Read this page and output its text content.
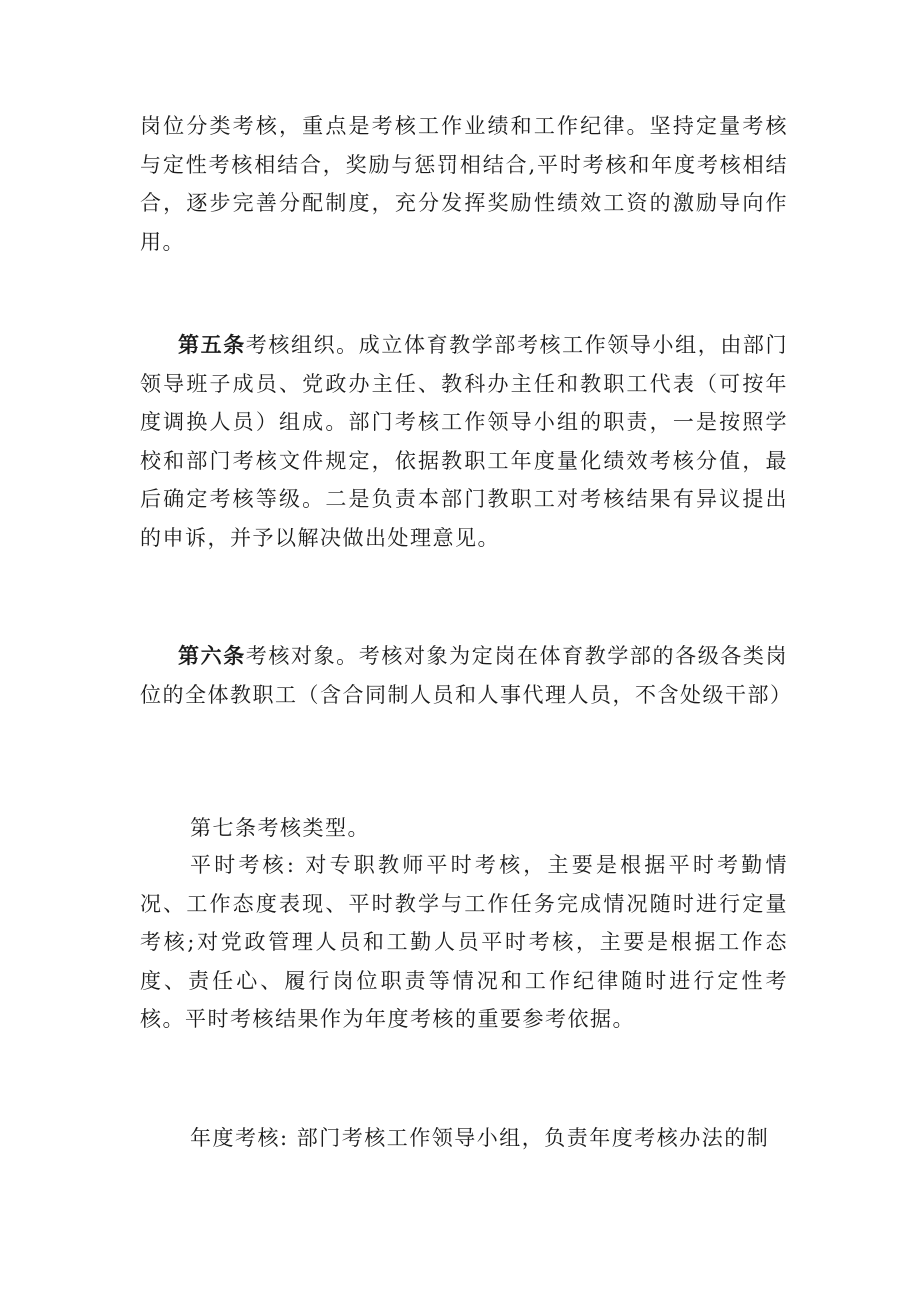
岗位分类考核，重点是考核工作业绩和工作纪律。坚持定量考核与定性考核相结合，奖励与惩罚相结合,平时考核和年度考核相结合，逐步完善分配制度，充分发挥奖励性绩效工资的激励导向作用。

第五条考核组织。成立体育教学部考核工作领导小组，由部门领导班子成员、党政办主任、教科办主任和教职工代表（可按年度调换人员）组成。部门考核工作领导小组的职责，一是按照学校和部门考核文件规定，依据教职工年度量化绩效考核分值，最后确定考核等级。二是负责本部门教职工对考核结果有异议提出的申诉，并予以解决做出处理意见。

第六条考核对象。考核对象为定岗在体育教学部的各级各类岗位的全体教职工（含合同制人员和人事代理人员，不含处级干部）

第七条考核类型。

平时考核: 对专职教师平时考核，主要是根据平时考勤情况、工作态度表现、平时教学与工作任务完成情况随时进行定量考核;对党政管理人员和工勤人员平时考核，主要是根据工作态度、责任心、履行岗位职责等情况和工作纪律随时进行定性考核。平时考核结果作为年度考核的重要参考依据。

年度考核: 部门考核工作领导小组，负责年度考核办法的制
